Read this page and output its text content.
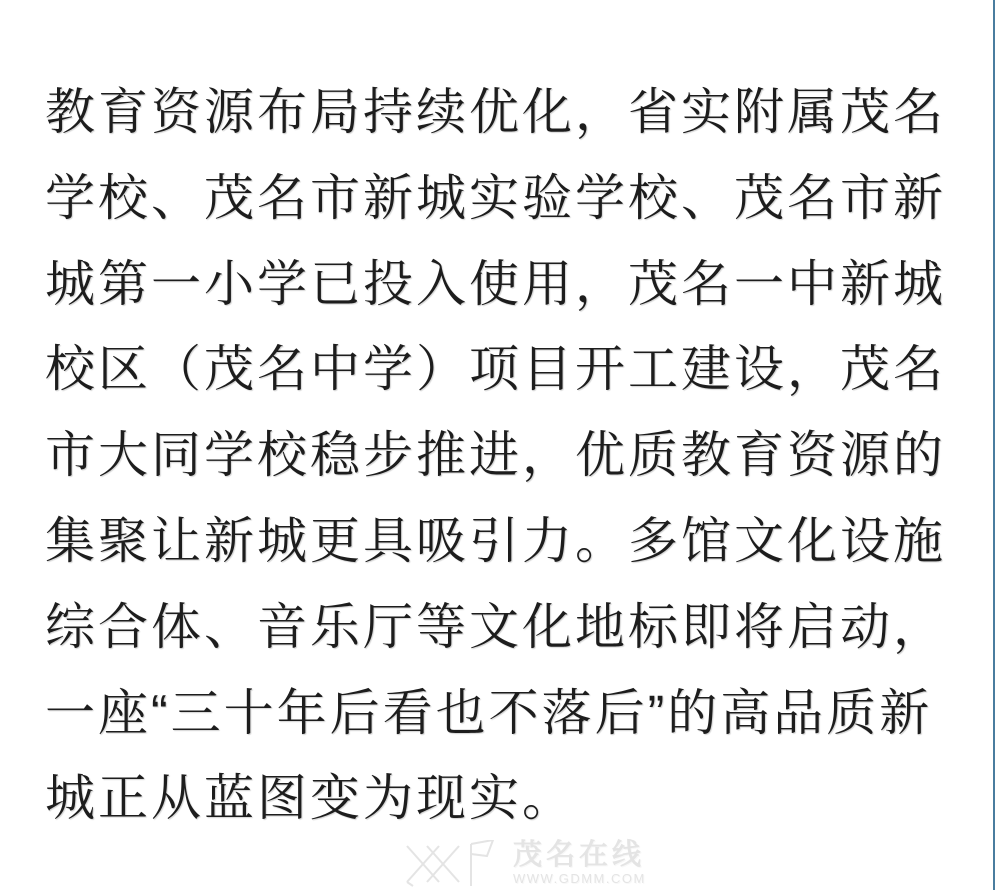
教育资源布局持续优化，省实附属茂名
学校、茂名市新城实验学校、茂名市新
城第一小学已投入使用，茂名一中新城
校区（茂名中学）项目开工建设，茂名
市大同学校稳步推进，优质教育资源的
集聚让新城更具吸引力。多馆文化设施
综合体、音乐厅等文化地标即将启动，
一座“三十年后看也不落后”的高品质新
城正从蓝图变为现实。
茂名在线
WWW.GDMM.COM
